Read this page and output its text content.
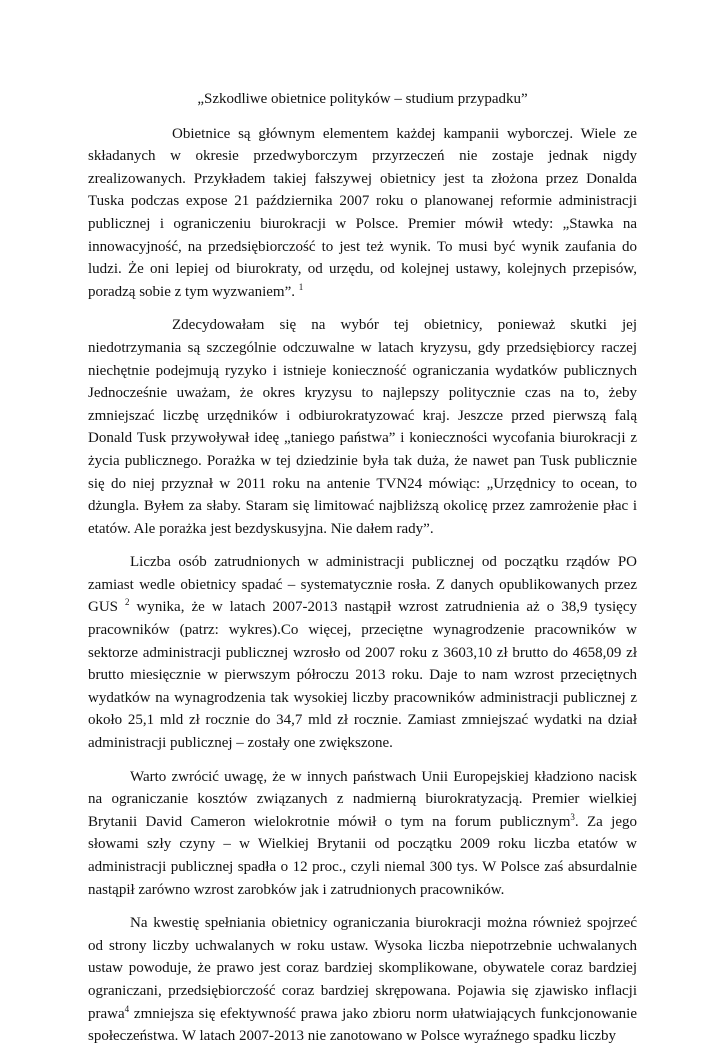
„Szkodliwe obietnice polityków – studium przypadku”

Obietnice są głównym elementem każdej kampanii wyborczej. Wiele ze składanych w okresie przedwyborczym przyrzeczeń nie zostaje jednak nigdy zrealizowanych. Przykładem takiej fałszywej obietnicy jest ta złożona przez Donalda Tuska podczas expose 21 października 2007 roku o planowanej reformie administracji publicznej i ograniczeniu biurokracji w Polsce. Premier mówił wtedy: „Stawka na innowacyjność, na przedsiębiorczość to jest też wynik. To musi być wynik zaufania do ludzi. Że oni lepiej od biurokraty, od urzędu, od kolejnej ustawy, kolejnych przepisów, poradzą sobie z tym wyzwaniem”. $^1$

Zdecydowałam się na wybór tej obietnicy, ponieważ skutki jej niedotrzymania są szczególnie odczuwalne w latach kryzysu, gdy przedsiębiorcy raczej niechętnie podejmują ryzyko i istnieje konieczność ograniczania wydatków publicznych Jednocześnie uważam, że okres kryzysu to najlepszy politycznie czas na to, żeby zmniejszać liczbę urzędników i odbiurokratyzować kraj. Jeszcze przed pierwszą falą Donald Tusk przywoływał ideę „taniego państwa” i konieczności wycofania biurokracji z życia publicznego. Porażka w tej dziedzinie była tak duża, że nawet pan Tusk publicznie się do niej przyznał w 2011 roku na antenie TVN24 mówiąc: „Urzędnicy to ocean, to dżungla. Byłem za słaby. Staram się limitować najbliższą okolicę przez zamrożenie płac i etatów. Ale porażka jest bezdyskusyjna. Nie dałem rady”.

Liczba osób zatrudnionych w administracji publicznej od początku rządów PO zamiast wedle obietnicy spadać – systematycznie rosła. Z danych opublikowanych przez GUS $^2$ wynika, że w latach 2007-2013 nastąpił wzrost zatrudnienia aż o 38,9 tysięcy pracowników (patrz: wykres).Co więcej, przeciętne wynagrodzenie pracowników w sektorze administracji publicznej wzrosło od 2007 roku z 3603,10 zł brutto do 4658,09 zł brutto miesięcznie w pierwszym półroczu 2013 roku. Daje to nam wzrost przeciętnych wydatków na wynagrodzenia tak wysokiej liczby pracowników administracji publicznej z około 25,1 mld zł rocznie do 34,7 mld zł rocznie. Zamiast zmniejszać wydatki na dział administracji publicznej – zostały one zwiększone.

Warto zwrócić uwagę, że w innych państwach Unii Europejskiej kładziono nacisk na ograniczanie kosztów związanych z nadmierną biurokratyzacją. Premier wielkiej Brytanii David Cameron wielokrotnie mówił o tym na forum publicznym$^3$. Za jego słowami szły czyny – w Wielkiej Brytanii od początku 2009 roku liczba etatów w administracji publicznej spadła o 12 proc., czyli niemal 300 tys. W Polsce zaś absurdalnie nastąpił zarówno wzrost zarobków jak i zatrudnionych pracowników.

Na kwestię spełniania obietnicy ograniczania biurokracji można również spojrzeć od strony liczby uchwalanych w roku ustaw. Wysoka liczba niepotrzebnie uchwalanych ustaw powoduje, że prawo jest coraz bardziej skomplikowane, obywatele coraz bardziej ograniczani, przedsiębiorczość coraz bardziej skrępowana. Pojawia się zjawisko inflacji prawa$^4$ zmniejsza się efektywność prawa jako zbioru norm ułatwiających funkcjonowanie społeczeństwa. W latach 2007-2013 nie zanotowano w Polsce wyraźnego spadku liczby
